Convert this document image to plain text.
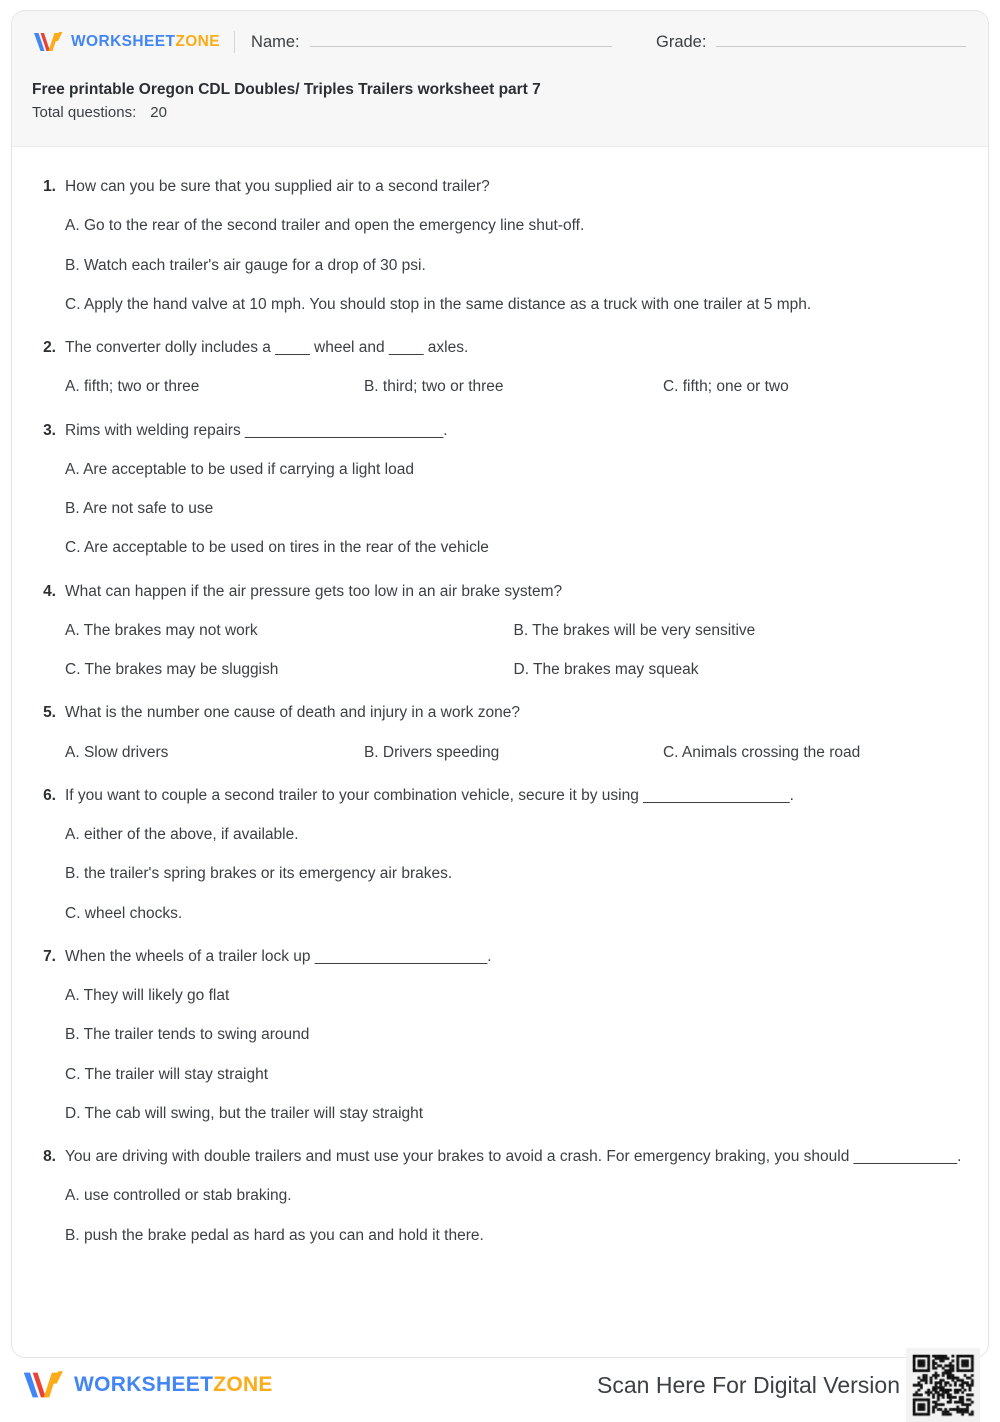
WORKSHEETZONE Name:	Grade:
Free printable Oregon CDL Doubles/ Triples Trailers worksheet part 7
Total questions: 20
1. How can you be sure that you supplied air to a second trailer?
A. Go to the rear of the second trailer and open the emergency line shut-off.
B. Watch each trailer's air gauge for a drop of 30 psi.
C. Apply the hand valve at 10 mph. You should stop in the same distance as a truck with one trailer at 5 mph.
2. The converter dolly includes a ____ wheel and ____ axles.
A. fifth; two or three	B. third; two or three	C. fifth; one or two
3. Rims with welding repairs _______________________.
A. Are acceptable to be used if carrying a light load
B. Are not safe to use
C. Are acceptable to be used on tires in the rear of the vehicle
4. What can happen if the air pressure gets too low in an air brake system?
A. The brakes may not work	B. The brakes will be very sensitive
C. The brakes may be sluggish	D. The brakes may squeak
5. What is the number one cause of death and injury in a work zone?
A. Slow drivers	B. Drivers speeding	C. Animals crossing the road
6. If you want to couple a second trailer to your combination vehicle, secure it by using _________________.
A. either of the above, if available.
B. the trailer's spring brakes or its emergency air brakes.
C. wheel chocks.
7. When the wheels of a trailer lock up ____________________.
A. They will likely go flat
B. The trailer tends to swing around
C. The trailer will stay straight
D. The cab will swing, but the trailer will stay straight
8. You are driving with double trailers and must use your brakes to avoid a crash. For emergency braking, you should ____________.
A. use controlled or stab braking.
B. push the brake pedal as hard as you can and hold it there.
WORKSHEETZONE	Scan Here For Digital Version
